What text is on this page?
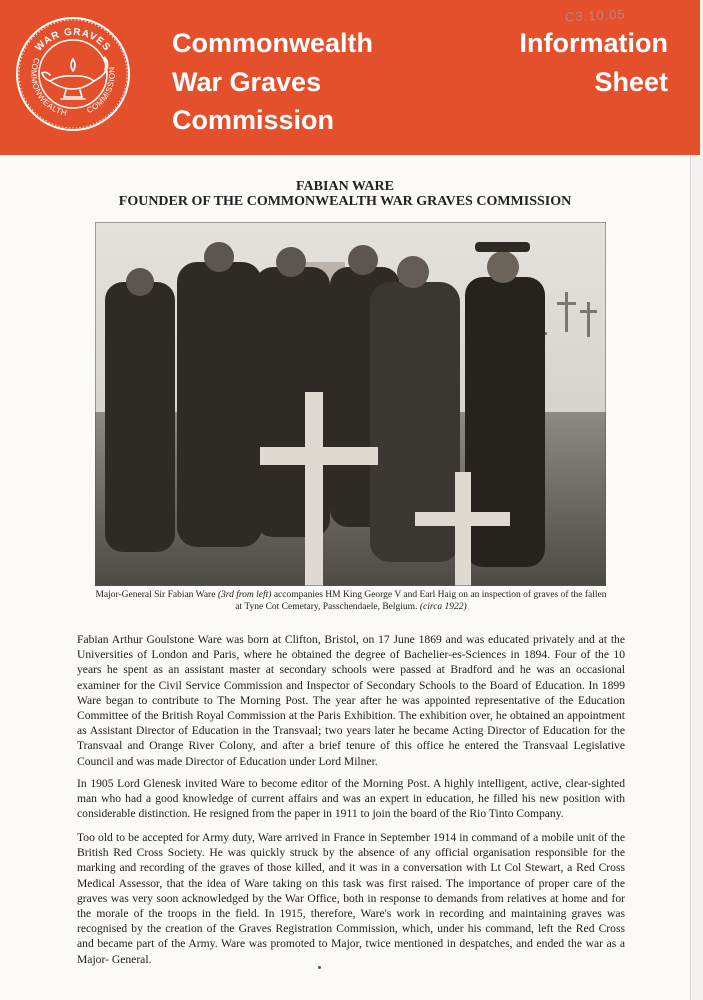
WAR GRAVES
COMMONWEALTH COMMISSION
Commonwealth
War Graves
Commission
Information
Sheet
C3.10.05
FABIAN WARE
FOUNDER OF THE COMMONWEALTH WAR GRAVES COMMISSION
Major-General Sir Fabian Ware (3rd from left) accompanies HM King George V and Earl Haig on an inspection of graves of the fallen at Tyne Cot Cemetary, Passchendaele, Belgium. (circa 1922)
Fabian Arthur Goulstone Ware was born at Clifton, Bristol, on 17 June 1869 and was educated privately and at the Universities of London and Paris, where he obtained the degree of Bachelier-es-Sciences in 1894. Four of the 10 years he spent as an assistant master at secondary schools were passed at Bradford and he was an occasional examiner for the Civil Service Commission and Inspector of Secondary Schools to the Board of Education. In 1899 Ware began to contribute to The Morning Post. The year after he was appointed representative of the Education Committee of the British Royal Commission at the Paris Exhibition. The exhibition over, he obtained an appointment as Assistant Director of Education in the Transvaal; two years later he became Acting Director of Education for the Transvaal and Orange River Colony, and after a brief tenure of this office he entered the Transvaal Legislative Council and was made Director of Education under Lord Milner.
In 1905 Lord Glenesk invited Ware to become editor of the Morning Post. A highly intelligent, active, clear-sighted man who had a good knowledge of current affairs and was an expert in education, he filled his new position with considerable distinction. He resigned from the paper in 1911 to join the board of the Rio Tinto Company.
Too old to be accepted for Army duty, Ware arrived in France in September 1914 in command of a mobile unit of the British Red Cross Society. He was quickly struck by the absence of any official organisation responsible for the marking and recording of the graves of those killed, and it was in a conversation with Lt Col Stewart, a Red Cross Medical Assessor, that the idea of Ware taking on this task was first raised. The importance of proper care of the graves was very soon acknowledged by the War Office, both in response to demands from relatives at home and for the morale of the troops in the field. In 1915, therefore, Ware's work in recording and maintaining graves was recognised by the creation of the Graves Registration Commission, which, under his command, left the Red Cross and became part of the Army. Ware was promoted to Major, twice mentioned in despatches, and ended the war as a Major- General.
